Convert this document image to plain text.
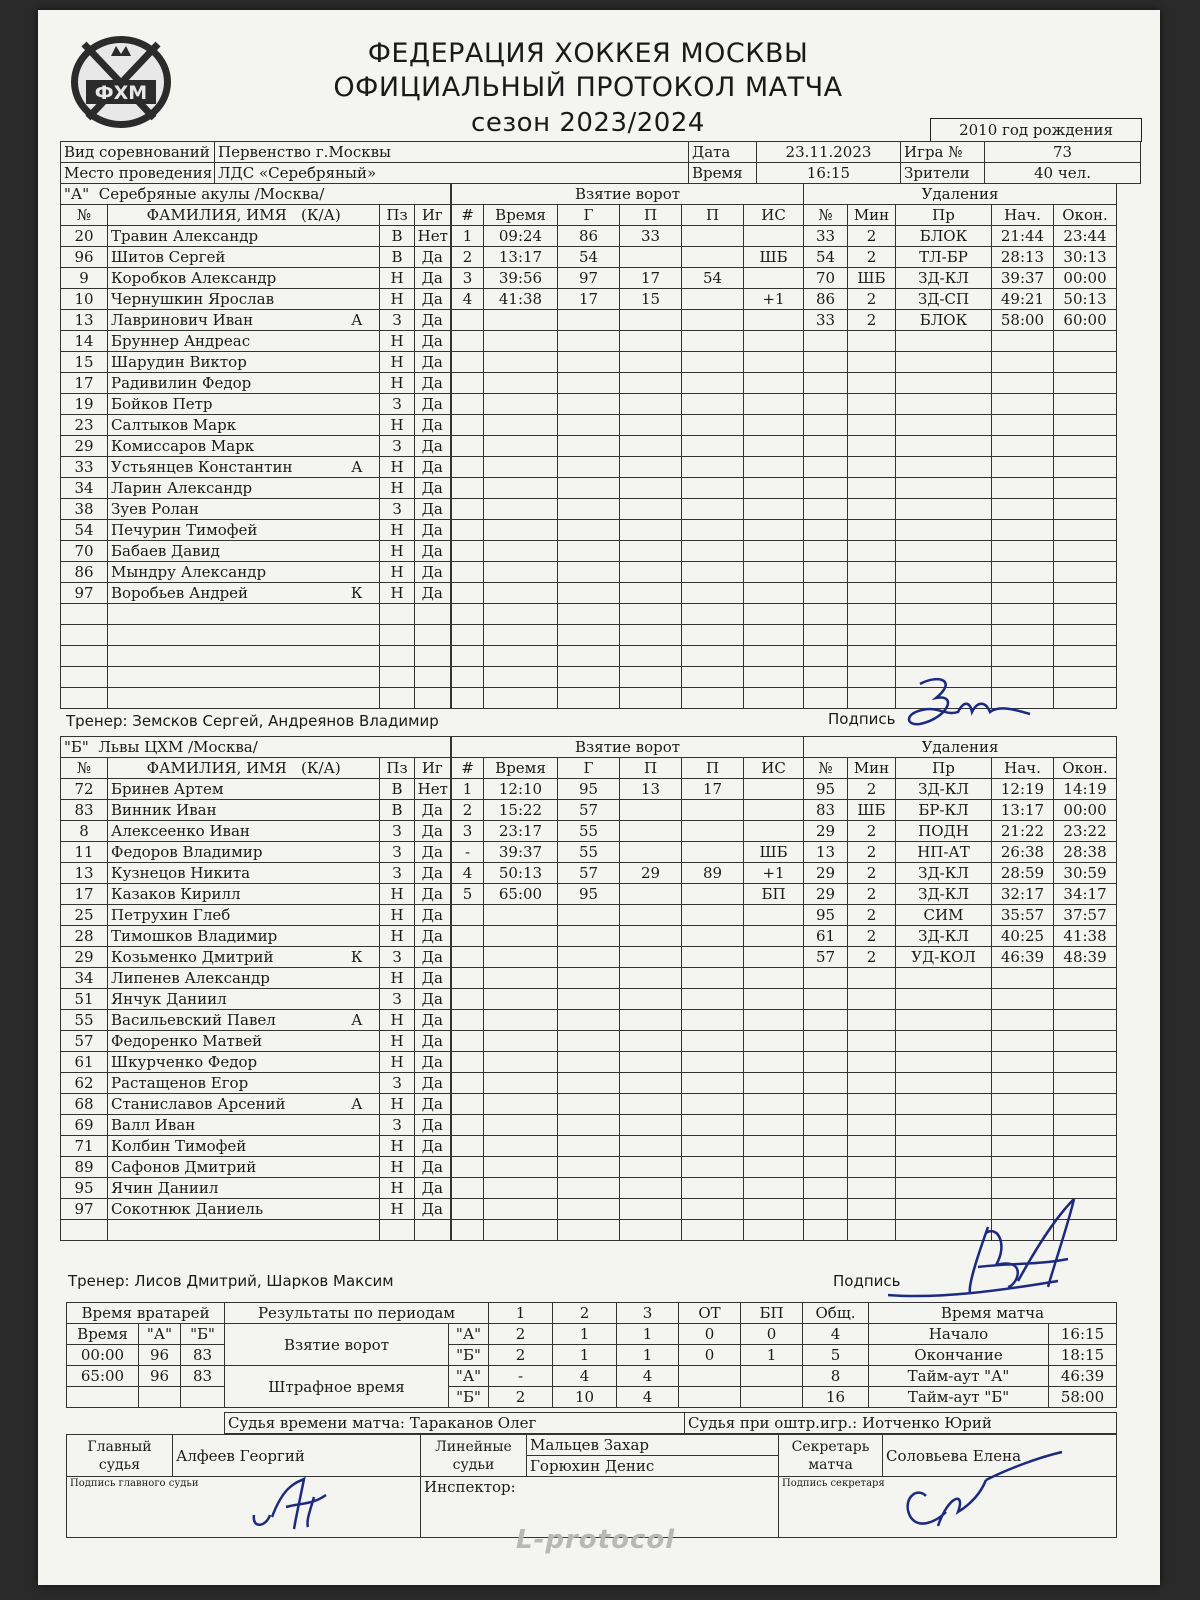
ФХМ
ФЕДЕРАЦИЯ ХОККЕЯ МОСКВЫ
ОФИЦИАЛЬНЫЙ ПРОТОКОЛ МАТЧА
сезон 2023/2024	2010 год рождения
Вид соревнований	Первенство г.Москвы	Дата	23.11.2023	Игра №	73
Место проведения	ЛДС «Серебряный»	Время	16:15	Зрители	40 чел.
"А" Серебряные акулы /Москва/			
№	ФАМИЛИЯ, ИМЯ (К/А)	Пз	Иг
20	Травин Александр	В	Нет
96	Шитов Сергей	В	Да
9	Коробков Александр	Н	Да
10	Чернушкин Ярослав	Н	Да
13	Лавринович Иван А	З	Да
14	Бруннер Андреас	Н	Да
15	Шарудин Виктор	Н	Да
17	Радивилин Федор	Н	Да
19	Бойков Петр	З	Да
23	Салтыков Марк	Н	Да
29	Комиссаров Марк	З	Да
33	Устьянцев Константин А	Н	Да
34	Ларин Александр	Н	Да
38	Зуев Ролан	З	Да
54	Печурин Тимофей	Н	Да
70	Бабаев Давид	Н	Да
86	Мындру Александр	Н	Да
97	Воробьев Андрей К	Н	Да

Взятие ворот					
#	Время	Г	П	П	ИС
1	09:24	86	33		
2	13:17	54			ШБ
3	39:56	97	17	54	
4	41:38	17	15		+1

Удаления				
№	Мин	Пр	Нач.	Окон.
33	2	БЛОК	21:44	23:44
54	2	ТЛ-БР	28:13	30:13
70	ШБ	ЗД-КЛ	39:37	00:00
86	2	ЗД-СП	49:21	50:13
33	2	БЛОК	58:00	60:00

Тренер: Земсков Сергей, Андреянов Владимир	Подпись
"Б" Львы ЦХМ /Москва/			
№	ФАМИЛИЯ, ИМЯ (К/А)	Пз	Иг
72	Бринев Артем	В	Нет
83	Винник Иван	В	Да
8	Алексеенко Иван	З	Да
11	Федоров Владимир	З	Да
13	Кузнецов Никита	З	Да
17	Казаков Кирилл	Н	Да
25	Петрухин Глеб	Н	Да
28	Тимошков Владимир	Н	Да
29	Козьменко Дмитрий К	З	Да
34	Липенев Александр	Н	Да
51	Янчук Даниил	З	Да
55	Васильевский Павел А	Н	Да
57	Федоренко Матвей	Н	Да
61	Шкурченко Федор	Н	Да
62	Растащенов Егор	З	Да
68	Станиславов Арсений А	Н	Да
69	Валл Иван	З	Да
71	Колбин Тимофей	Н	Да
89	Сафонов Дмитрий	Н	Да
95	Ячин Даниил	Н	Да
97	Сокотнюк Даниель	Н	Да

Взятие ворот					
#	Время	Г	П	П	ИС
1	12:10	95	13	17	
2	15:22	57			
3	23:17	55			
-	39:37	55			ШБ
4	50:13	57	29	89	+1
5	65:00	95			БП

Удаления				
№	Мин	Пр	Нач.	Окон.
95	2	ЗД-КЛ	12:19	14:19
83	ШБ	БР-КЛ	13:17	00:00
29	2	ПОДН	21:22	23:22
13	2	НП-АТ	26:38	28:38
29	2	ЗД-КЛ	28:59	30:59
29	2	ЗД-КЛ	32:17	34:17
95	2	СИМ	35:57	37:57
61	2	ЗД-КЛ	40:25	41:38
57	2	УД-КОЛ	46:39	48:39

Тренер: Лисов Дмитрий, Шарков Максим	Подпись
Время вратарей		
Время	"А"	"Б"
00:00	96	83
65:00	96	83

Результаты по периодам		1	2	3	ОТ	БП	Общ.
Взятие ворот	"А"	2	1	1	0	0	4
	"Б"	2	1	1	0	1	5
Штрафное время	"А"	-	4	4			8
	"Б"	2	10	4			16
Время матча	
Начало	16:15
Окончание	18:15
Тайм-аут "А"	46:39
Тайм-аут "Б"	58:00
Судья времени матча: Тараканов Олег	Судья при оштр.игр.: Иотченко Юрий
Главный судья	Алфеев Георгий	Линейные судьи	Мальцев Захар	Секретарь матча	Соловьева Елена
			Горюхин Денис		
Подпись главного судьи		Инспектор:		Подпись секретаря	
L-protocol
